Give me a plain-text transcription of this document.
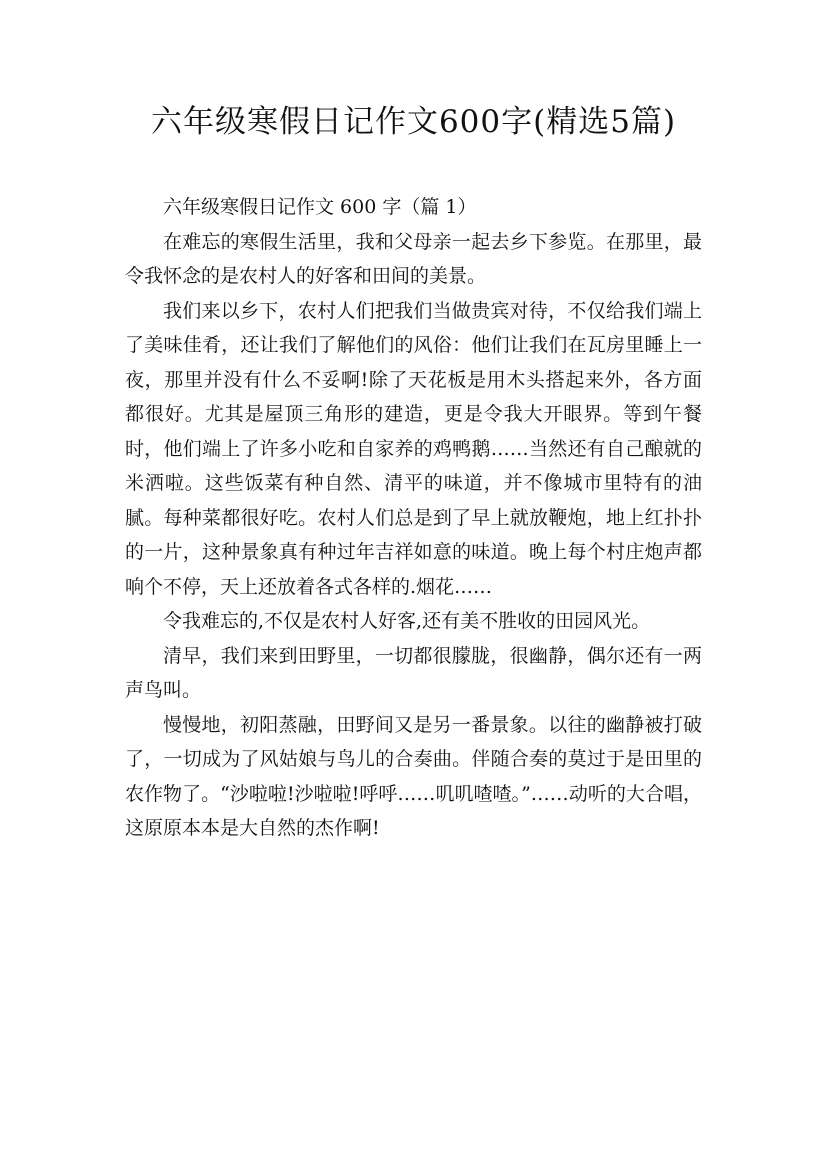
六年级寒假日记作文600字(精选5篇)
六年级寒假日记作文 600 字（篇 1）

在难忘的寒假生活里，我和父母亲一起去乡下参览。在那里，最令我怀念的是农村人的好客和田间的美景。

我们来以乡下，农村人们把我们当做贵宾对待，不仅给我们端上了美味佳肴，还让我们了解他们的风俗：他们让我们在瓦房里睡上一夜，那里并没有什么不妥啊!除了天花板是用木头搭起来外，各方面都很好。尤其是屋顶三角形的建造，更是令我大开眼界。等到午餐时，他们端上了许多小吃和自家养的鸡鸭鹅……当然还有自己酿就的米洒啦。这些饭菜有种自然、清平的味道，并不像城市里特有的油腻。每种菜都很好吃。农村人们总是到了早上就放鞭炮，地上红扑扑的一片，这种景象真有种过年吉祥如意的味道。晚上每个村庄炮声都响个不停，天上还放着各式各样的.烟花……

令我难忘的,不仅是农村人好客,还有美不胜收的田园风光。

清早，我们来到田野里，一切都很朦胧，很幽静，偶尔还有一两声鸟叫。

慢慢地，初阳蒸融，田野间又是另一番景象。以往的幽静被打破了，一切成为了风姑娘与鸟儿的合奏曲。伴随合奏的莫过于是田里的农作物了。“沙啦啦!沙啦啦!呼呼……叽叽喳喳。”……动听的大合唱，这原原本本是大自然的杰作啊!
